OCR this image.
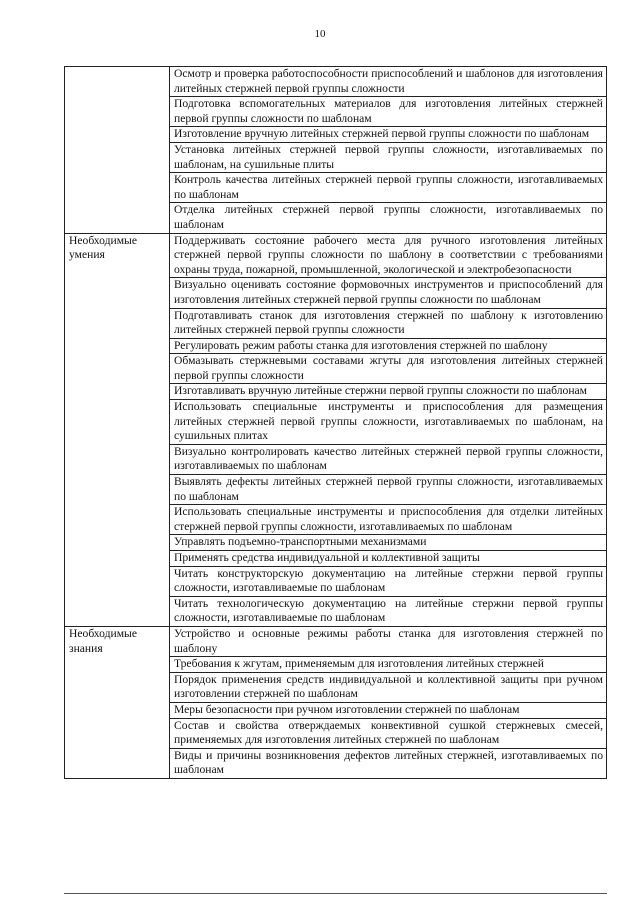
10
	Осмотр и проверка работоспособности приспособлений и шаблонов для изготовления литейных стержней первой группы сложности
	Подготовка вспомогательных материалов для изготовления литейных стержней первой группы сложности по шаблонам
	Изготовление вручную литейных стержней первой группы сложности по шаблонам
	Установка литейных стержней первой группы сложности, изготавливаемых по шаблонам, на сушильные плиты
	Контроль качества литейных стержней первой группы сложности, изготавливаемых по шаблонам
	Отделка литейных стержней первой группы сложности, изготавливаемых по шаблонам
Необходимые умения	Поддерживать состояние рабочего места для ручного изготовления литейных стержней первой группы сложности по шаблону в соответствии с требованиями охраны труда, пожарной, промышленной, экологической и электробезопасности
	Визуально оценивать состояние формовочных инструментов и приспособлений для изготовления литейных стержней первой группы сложности по шаблонам
	Подготавливать станок для изготовления стержней по шаблону к изготовлению литейных стержней первой группы сложности
	Регулировать режим работы станка для изготовления стержней по шаблону
	Обмазывать стержневыми составами жгуты для изготовления литейных стержней первой группы сложности
	Изготавливать вручную литейные стержни первой группы сложности по шаблонам
	Использовать специальные инструменты и приспособления для размещения литейных стержней первой группы сложности, изготавливаемых по шаблонам, на сушильных плитах
	Визуально контролировать качество литейных стержней первой группы сложности, изготавливаемых по шаблонам
	Выявлять дефекты литейных стержней первой группы сложности, изготавливаемых по шаблонам
	Использовать специальные инструменты и приспособления для отделки литейных стержней первой группы сложности, изготавливаемых по шаблонам
	Управлять подъемно-транспортными механизмами
	Применять средства индивидуальной и коллективной защиты
	Читать конструкторскую документацию на литейные стержни первой группы сложности, изготавливаемые по шаблонам
	Читать технологическую документацию на литейные стержни первой группы сложности, изготавливаемые по шаблонам
Необходимые знания	Устройство и основные режимы работы станка для изготовления стержней по шаблону
	Требования к жгутам, применяемым для изготовления литейных стержней
	Порядок применения средств индивидуальной и коллективной защиты при ручном изготовлении стержней по шаблонам
	Меры безопасности при ручном изготовлении стержней по шаблонам
	Состав и свойства отверждаемых конвективной сушкой стержневых смесей, применяемых для изготовления литейных стержней по шаблонам
	Виды и причины возникновения дефектов литейных стержней, изготавливаемых по шаблонам
